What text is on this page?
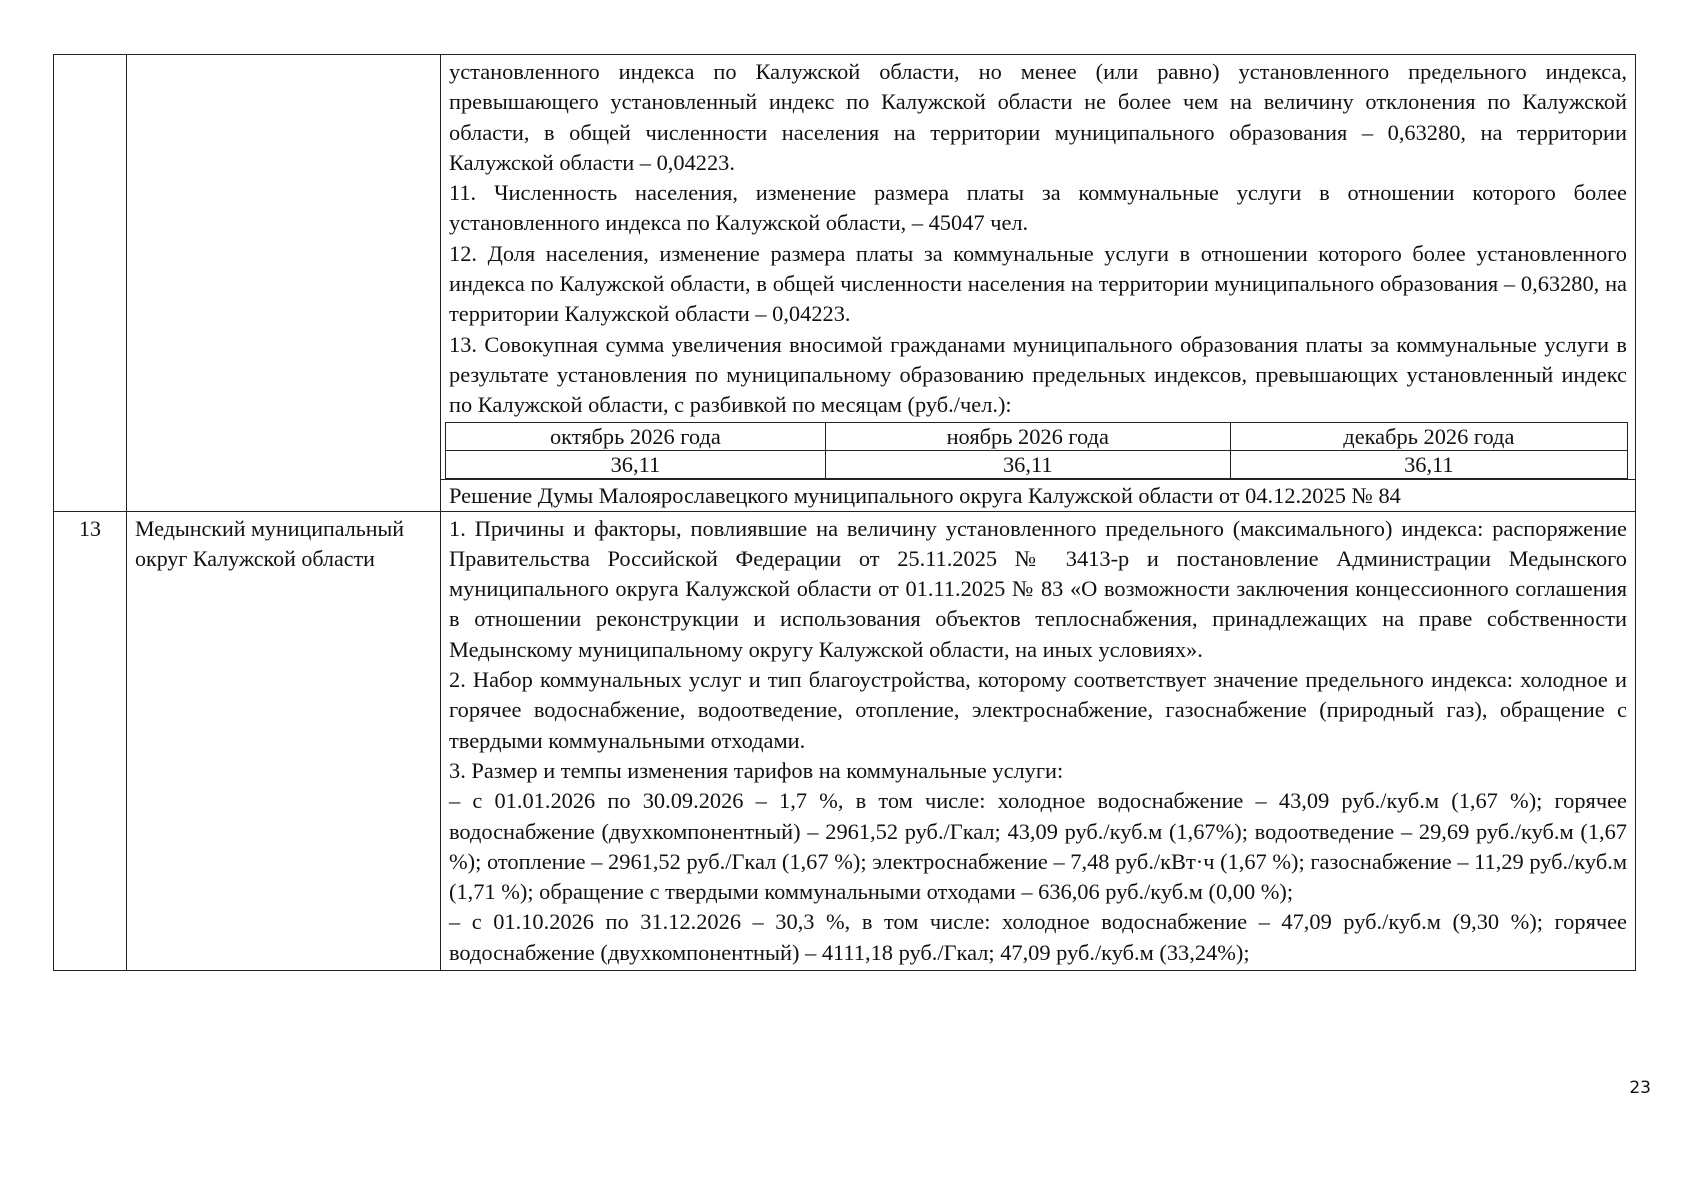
установленного индекса по Калужской области, но менее (или равно) установленного предельного индекса, превышающего установленный индекс по Калужской области не более чем на величину отклонения по Калужской области, в общей численности населения на территории муниципального образования – 0,63280, на территории Калужской области – 0,04223.

11. Численность населения, изменение размера платы за коммунальные услуги в отношении которого более установленного индекса по Калужской области, – 45047 чел.

12. Доля населения, изменение размера платы за коммунальные услуги в отношении которого более установленного индекса по Калужской области, в общей численности населения на территории муниципального образования – 0,63280, на территории Калужской области – 0,04223.

13. Совокупная сумма увеличения вносимой гражданами муниципального образования платы за коммунальные услуги в результате установления по муниципальному образованию предельных индексов, превышающих установленный индекс по Калужской области, с разбивкой по месяцам (руб./чел.):

октябрь 2026 года	ноябрь 2026 года	декабрь 2026 года
36,11	36,11	36,11
Решение Думы Малоярославецкого муниципального округа Калужской области от 04.12.2025 № 84

13	Медынский муниципальный округ Калужской области	

1. Причины и факторы, повлиявшие на величину установленного предельного (максимального) индекса: распоряжение Правительства Российской Федерации от 25.11.2025 № 3413-р и постановление Администрации Медынского муниципального округа Калужской области от 01.11.2025 № 83 «О возможности заключения концессионного соглашения в отношении реконструкции и использования объектов теплоснабжения, принадлежащих на праве собственности Медынскому муниципальному округу Калужской области, на иных условиях».

2. Набор коммунальных услуг и тип благоустройства, которому соответствует значение предельного индекса: холодное и горячее водоснабжение, водоотведение, отопление, электроснабжение, газоснабжение (природный газ), обращение с твердыми коммунальными отходами.

3. Размер и темпы изменения тарифов на коммунальные услуги:

– с 01.01.2026 по 30.09.2026 – 1,7 %, в том числе: холодное водоснабжение – 43,09 руб./куб.м (1,67 %); горячее водоснабжение (двухкомпонентный) – 2961,52 руб./Гкал; 43,09 руб./куб.м (1,67%); водоотведение – 29,69 руб./куб.м (1,67 %); отопление – 2961,52 руб./Гкал (1,67 %); электроснабжение – 7,48 руб./кВт·ч (1,67 %); газоснабжение – 11,29 руб./куб.м (1,71 %); обращение с твердыми коммунальными отходами – 636,06 руб./куб.м (0,00 %);

– с 01.10.2026 по 31.12.2026 – 30,3 %, в том числе: холодное водоснабжение – 47,09 руб./куб.м (9,30 %); горячее водоснабжение (двухкомпонентный) – 4111,18 руб./Гкал; 47,09 руб./куб.м (33,24%);

23
